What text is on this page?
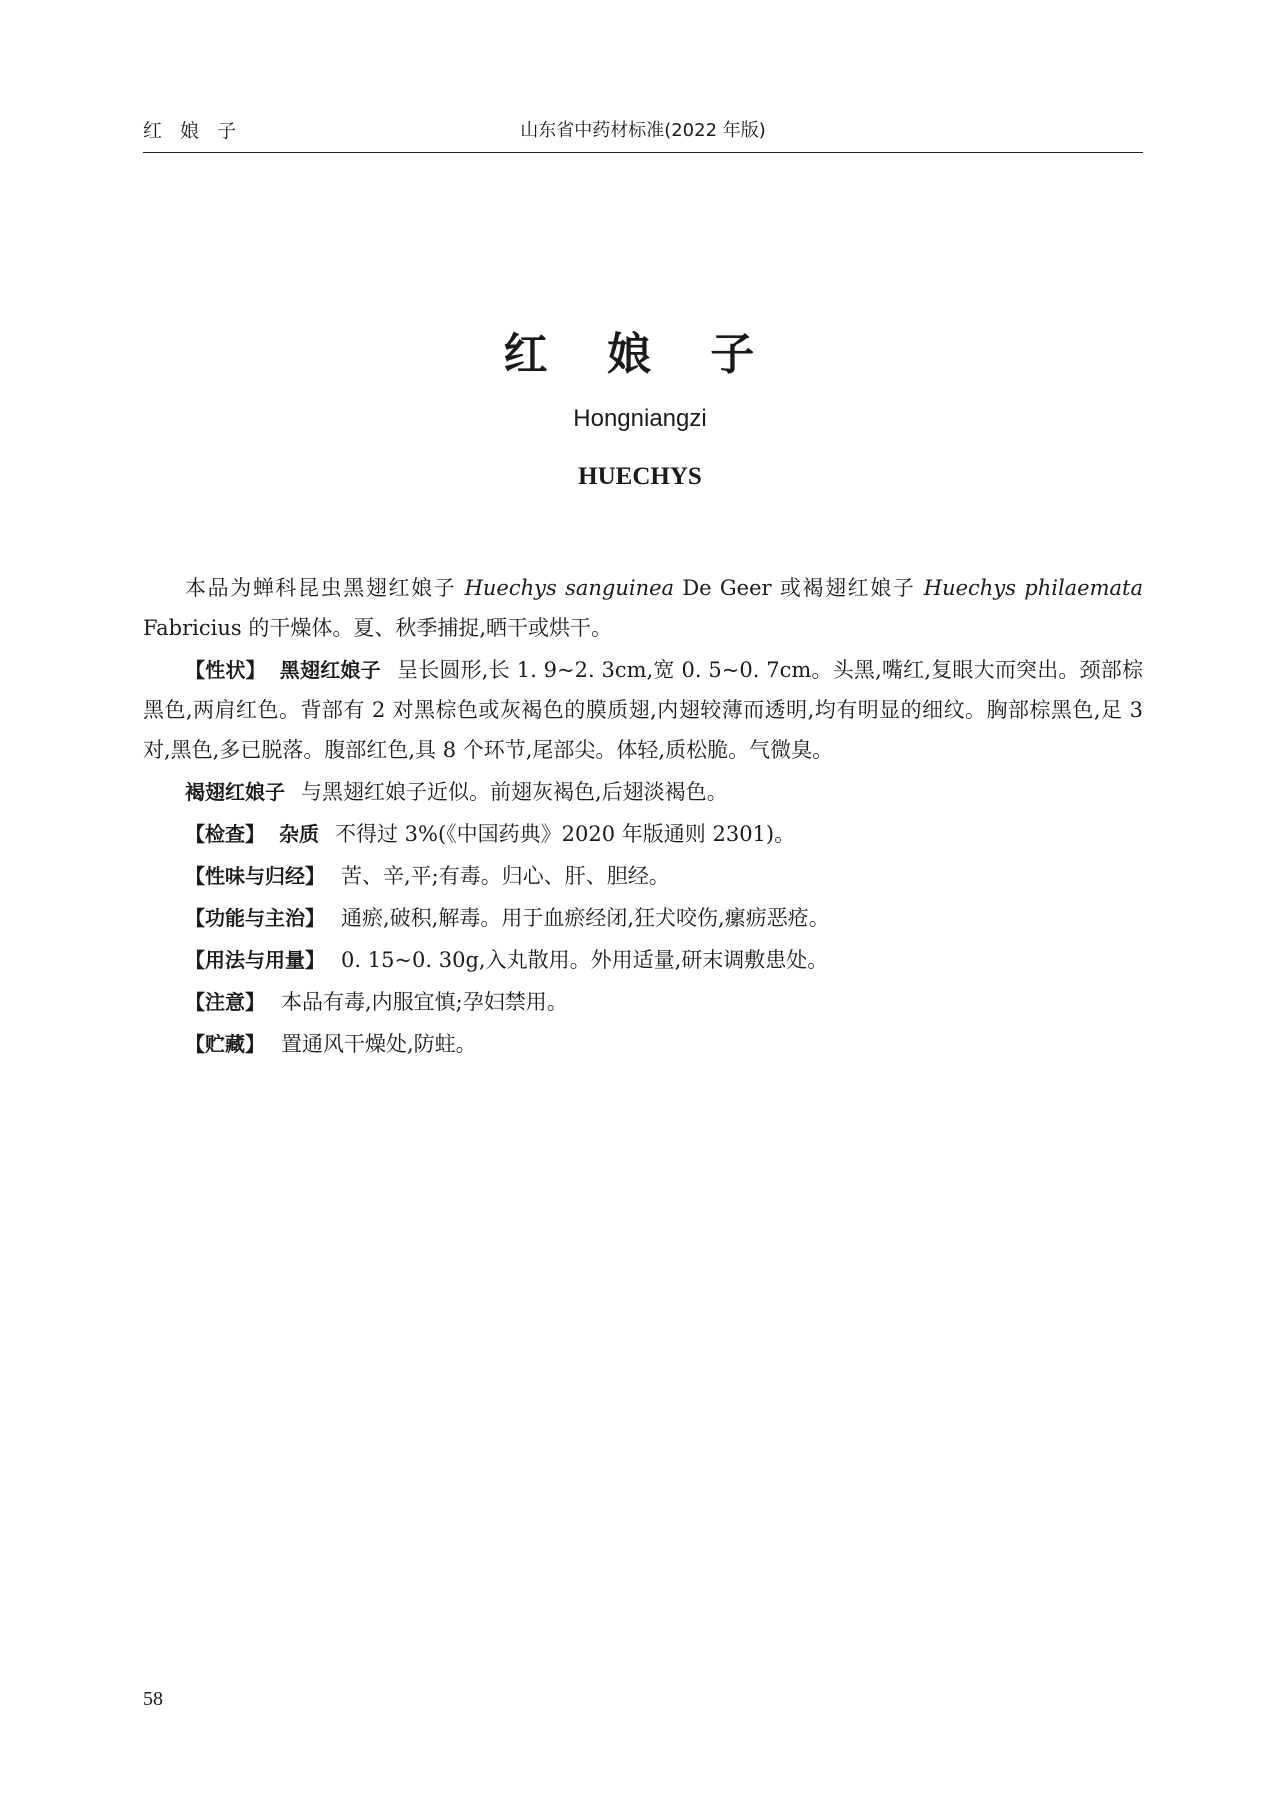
红 娘 子	山东省中药材标准(2022 年版)
红 娘 子
Hongniangzi
HUECHYS

本品为蝉科昆虫黑翅红娘子 Huechys sanguinea De Geer 或褐翅红娘子 Huechys philaemata Fabricius 的干燥体。夏、秋季捕捉,晒干或烘干。

【性状】 黑翅红娘子 呈长圆形,长 1. 9~2. 3cm,宽 0. 5~0. 7cm。头黑,嘴红,复眼大而突出。颈部棕黑色,两肩红色。背部有 2 对黑棕色或灰褐色的膜质翅,内翅较薄而透明,均有明显的细纹。胸部棕黑色,足 3 对,黑色,多已脱落。腹部红色,具 8 个环节,尾部尖。体轻,质松脆。气微臭。

褐翅红娘子 与黑翅红娘子近似。前翅灰褐色,后翅淡褐色。

【检查】 杂质 不得过 3%(《中国药典》2020 年版通则 2301)。

【性味与归经】 苦、辛,平;有毒。归心、肝、胆经。

【功能与主治】 通瘀,破积,解毒。用于血瘀经闭,狂犬咬伤,瘰疬恶疮。

【用法与用量】 0. 15~0. 30g,入丸散用。外用适量,研末调敷患处。

【注意】 本品有毒,内服宜慎;孕妇禁用。

【贮藏】 置通风干燥处,防蛀。

58
